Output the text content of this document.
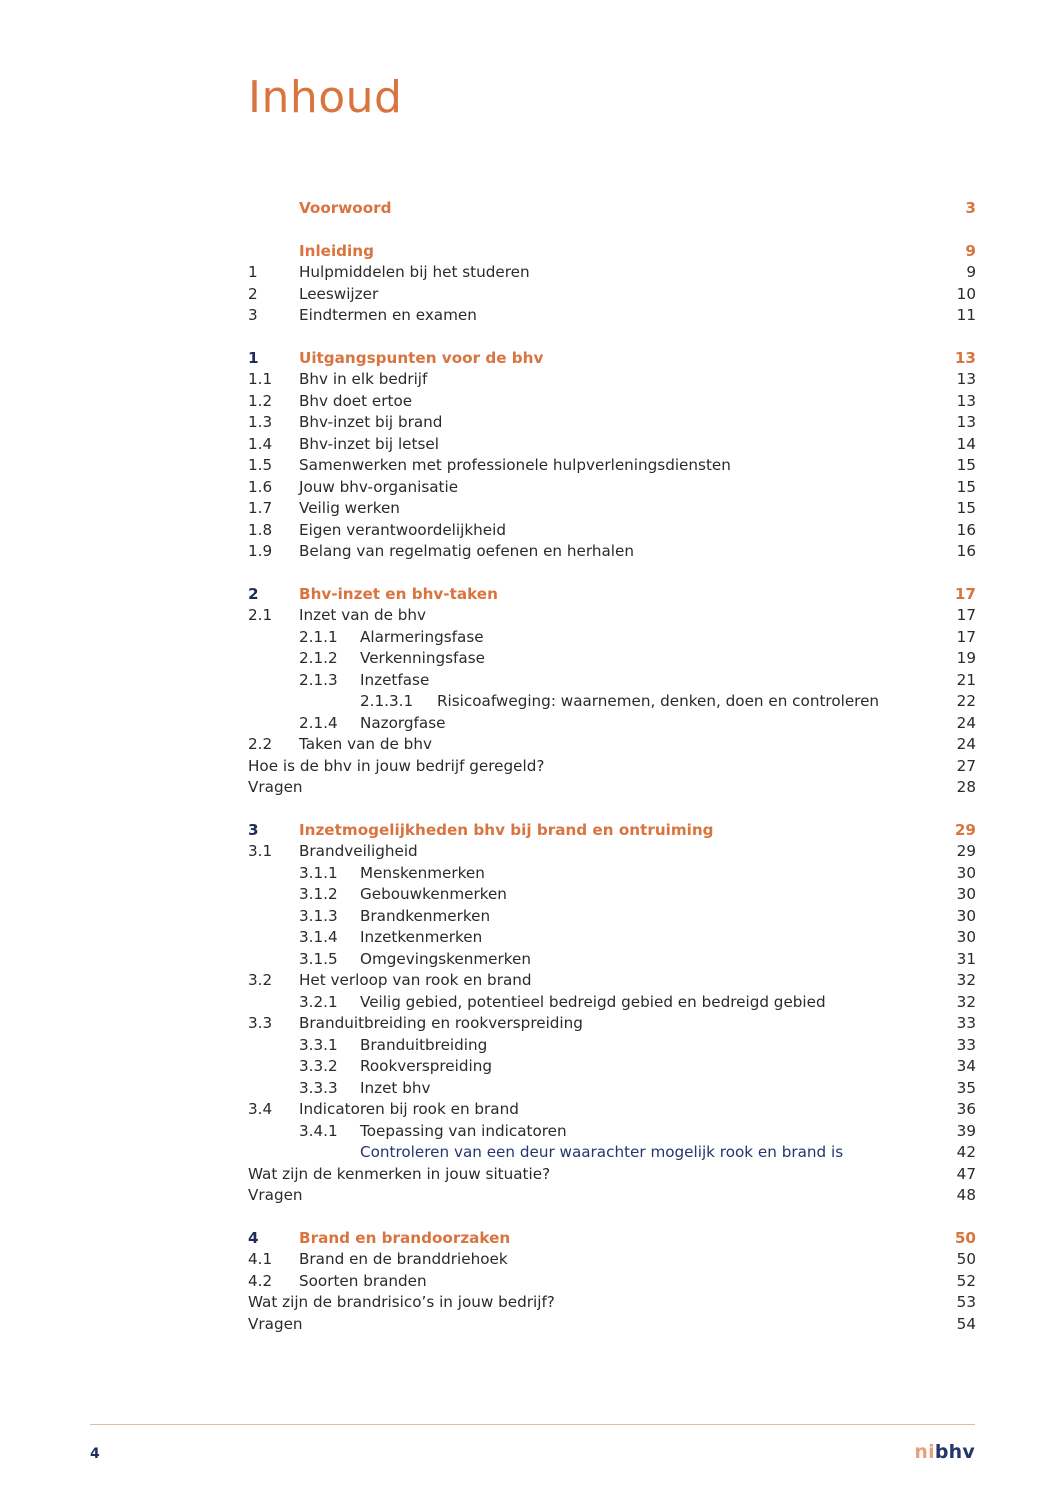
Inhoud
Voorwoord	3
Inleiding	9
1	Hulpmiddelen bij het studeren	9
2	Leeswijzer	10
3	Eindtermen en examen	11
1	Uitgangspunten voor de bhv	13
1.1 Bhv in elk bedrijf	13
1.2 Bhv doet ertoe	13
1.3 Bhv-inzet bij brand	13
1.4 Bhv-inzet bij letsel	14
1.5 Samenwerken met professionele hulpverleningsdiensten	15
1.6 Jouw bhv-organisatie	15
1.7 Veilig werken	15
1.8 Eigen verantwoordelijkheid	16
1.9 Belang van regelmatig oefenen en herhalen	16
2	Bhv-inzet en bhv-taken	17
2.1 Inzet van de bhv	17
2.1.1 Alarmeringsfase	17
2.1.2 Verkenningsfase	19
2.1.3 Inzetfase	21
2.1.3.1 Risicoafweging: waarnemen, denken, doen en controleren	22
2.1.4 Nazorgfase	24
2.2 Taken van de bhv	24
Hoe is de bhv in jouw bedrijf geregeld?	27
Vragen	28
3	Inzetmogelijkheden bhv bij brand en ontruiming	29
3.1 Brandveiligheid	29
3.1.1 Menskenmerken	30
3.1.2 Gebouwkenmerken	30
3.1.3 Brandkenmerken	30
3.1.4 Inzetkenmerken	30
3.1.5 Omgevingskenmerken	31
3.2 Het verloop van rook en brand	32
3.2.1 Veilig gebied, potentieel bedreigd gebied en bedreigd gebied	32
3.3 Branduitbreiding en rookverspreiding	33
3.3.1 Branduitbreiding	33
3.3.2 Rookverspreiding	34
3.3.3 Inzet bhv	35
3.4 Indicatoren bij rook en brand	36
3.4.1 Toepassing van indicatoren	39
Controleren van een deur waarachter mogelijk rook en brand is	42
Wat zijn de kenmerken in jouw situatie?	47
Vragen	48
4	Brand en brandoorzaken	50
4.1 Brand en de branddriehoek	50
4.2 Soorten branden	52
Wat zijn de brandrisico’s in jouw bedrijf?	53
Vragen	54
4	nibhv
